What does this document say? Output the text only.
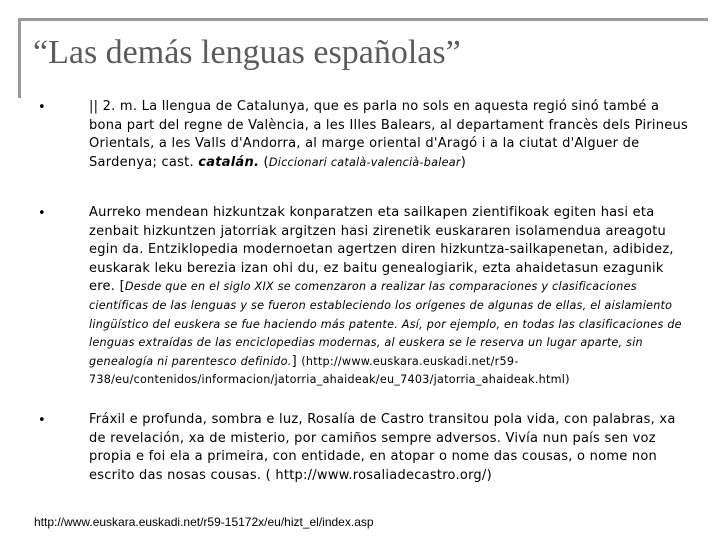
“Las demás lenguas españolas”
•	|| 2. m. La llengua de Catalunya, que es parla no sols en aquesta regió sinó també a bona part del regne de València, a les Illes Balears, al departament francès dels Pirineus Orientals, a les Valls d'Andorra, al marge oriental d'Aragó i a la ciutat d'Alguer de Sardenya; cast. catalán. (Diccionari català-valencià-balear)

•	Aurreko mendean hizkuntzak konparatzen eta sailkapen zientifikoak egiten hasi eta zenbait hizkuntzen jatorriak argitzen hasi zirenetik euskararen isolamendua areagotu egin da. Entziklopedia modernoetan agertzen diren hizkuntza-sailkapenetan, adibidez, euskarak leku berezia izan ohi du, ez baitu genealogiarik, ezta ahaidetasun ezagunik ere. [Desde que en el siglo XIX se comenzaron a realizar las comparaciones y clasificaciones científicas de las lenguas y se fueron estableciendo los orígenes de algunas de ellas, el aislamiento lingüístico del euskera se fue haciendo más patente. Así, por ejemplo, en todas las clasificaciones de lenguas extraídas de las enciclopedias modernas, al euskera se le reserva un lugar aparte, sin genealogía ni parentesco definido.] (http://www.euskara.euskadi.net/r59-738/eu/contenidos/informacion/jatorria_ahaideak/eu_7403/jatorria_ahaideak.html)

•	Fráxil e profunda, sombra e luz, Rosalía de Castro transitou pola vida, con palabras, xa de revelación, xa de misterio, por camiños sempre adversos. Vivía nun país sen voz propia e foi ela a primeira, con entidade, en atopar o nome das cousas, o nome non escrito das nosas cousas. ( http://www.rosaliadecastro.org/)

http://www.euskara.euskadi.net/r59-15172x/eu/hizt_el/index.asp
